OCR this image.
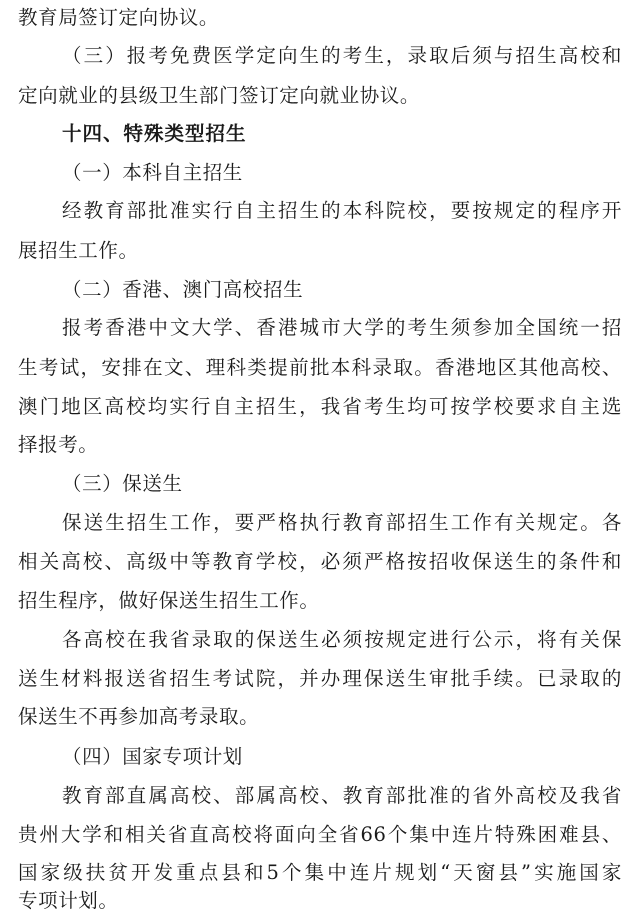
教育局签订定向协议。
（三）报考免费医学定向生的考生，录取后须与招生高校和
定向就业的县级卫生部门签订定向就业协议。
十四、特殊类型招生
（一）本科自主招生
经教育部批准实行自主招生的本科院校，要按规定的程序开
展招生工作。
（二）香港、澳门高校招生
报考香港中文大学、香港城市大学的考生须参加全国统一招
生考试，安排在文、理科类提前批本科录取。香港地区其他高校、
澳门地区高校均实行自主招生，我省考生均可按学校要求自主选
择报考。
（三）保送生
保送生招生工作，要严格执行教育部招生工作有关规定。各
相关高校、高级中等教育学校，必须严格按招收保送生的条件和
招生程序，做好保送生招生工作。
各高校在我省录取的保送生必须按规定进行公示，将有关保
送生材料报送省招生考试院，并办理保送生审批手续。已录取的
保送生不再参加高考录取。
（四）国家专项计划
教育部直属高校、部属高校、教育部批准的省外高校及我省
贵州大学和相关省直高校将面向全省66个集中连片特殊困难县、
国家级扶贫开发重点县和5个集中连片规划“天窗县”实施国家
专项计划。
